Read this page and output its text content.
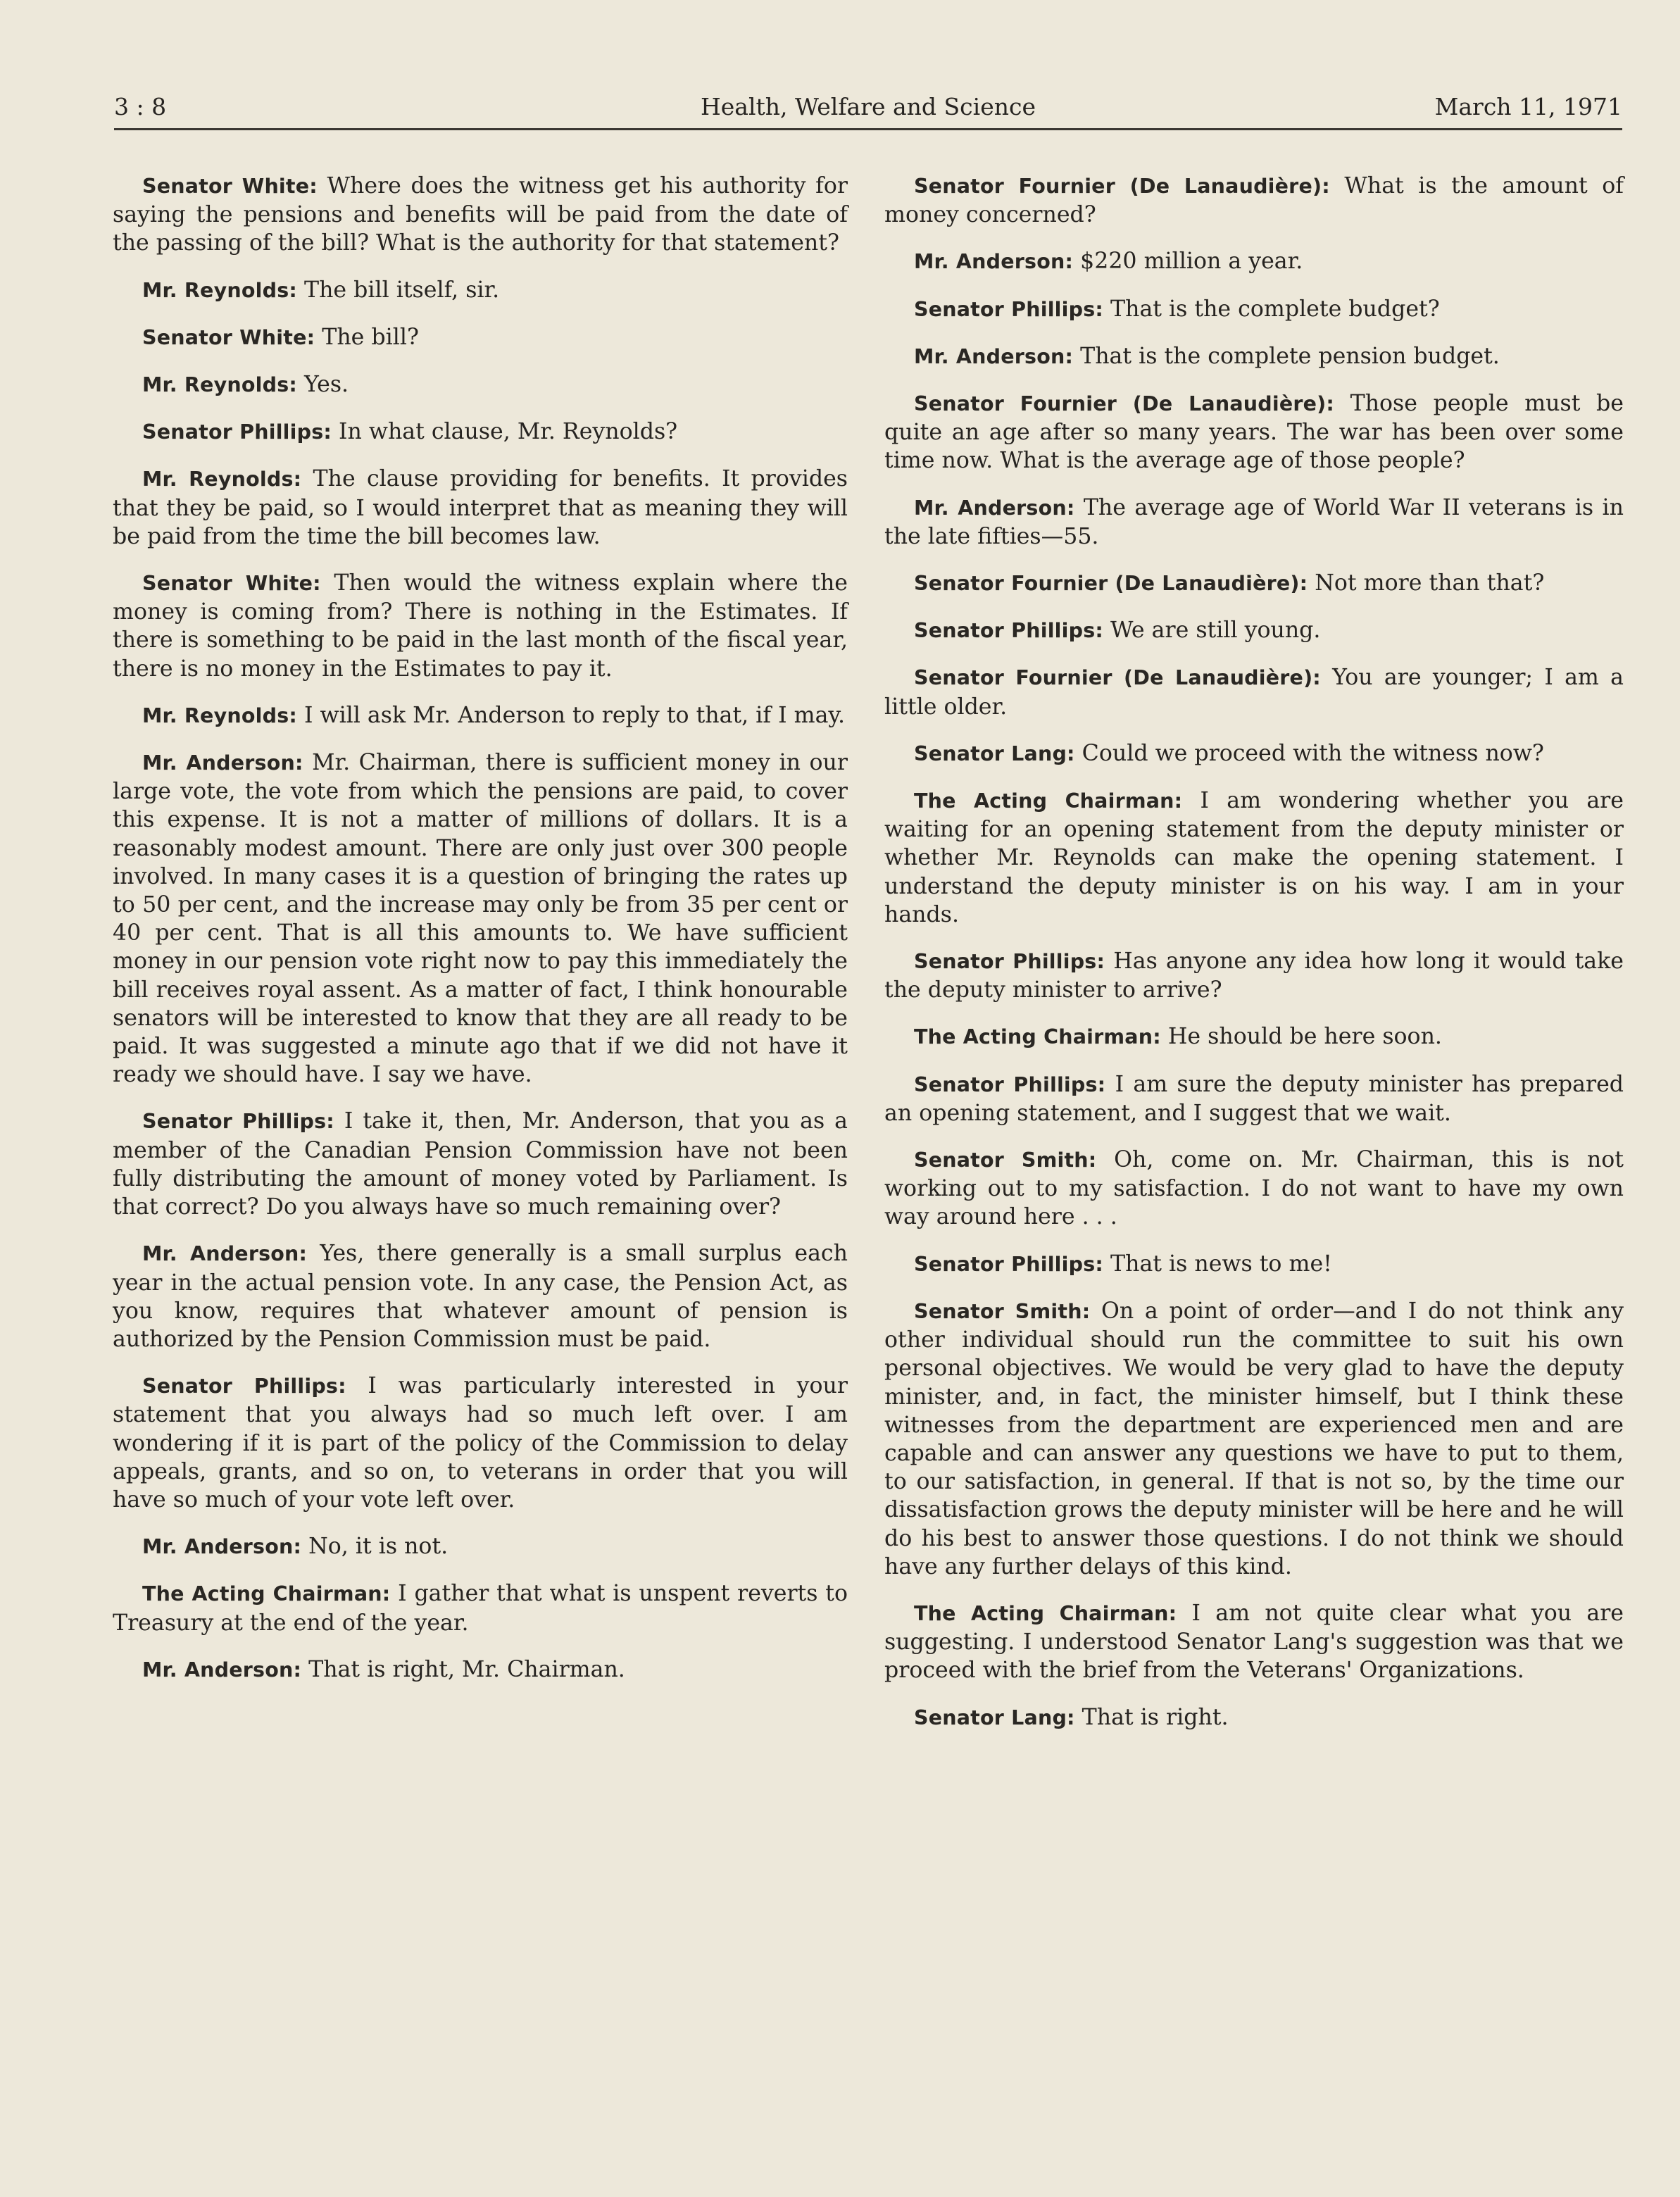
3 : 8	Health, Welfare and Science	March 11, 1971

Senator White: Where does the witness get his authority for saying the pensions and benefits will be paid from the date of the passing of the bill? What is the authority for that statement?

Mr. Reynolds: The bill itself, sir.

Senator White: The bill?

Mr. Reynolds: Yes.

Senator Phillips: In what clause, Mr. Reynolds?

Mr. Reynolds: The clause providing for benefits. It provides that they be paid, so I would interpret that as meaning they will be paid from the time the bill becomes law.

Senator White: Then would the witness explain where the money is coming from? There is nothing in the Estimates. If there is something to be paid in the last month of the fiscal year, there is no money in the Estimates to pay it.

Mr. Reynolds: I will ask Mr. Anderson to reply to that, if I may.

Mr. Anderson: Mr. Chairman, there is sufficient money in our large vote, the vote from which the pensions are paid, to cover this expense. It is not a matter of millions of dollars. It is a reasonably modest amount. There are only just over 300 people involved. In many cases it is a question of bringing the rates up to 50 per cent, and the increase may only be from 35 per cent or 40 per cent. That is all this amounts to. We have sufficient money in our pension vote right now to pay this immediately the bill receives royal assent. As a matter of fact, I think honourable senators will be interested to know that they are all ready to be paid. It was suggested a minute ago that if we did not have it ready we should have. I say we have.

Senator Phillips: I take it, then, Mr. Anderson, that you as a member of the Canadian Pension Commission have not been fully distributing the amount of money voted by Parliament. Is that correct? Do you always have so much remaining over?

Mr. Anderson: Yes, there generally is a small surplus each year in the actual pension vote. In any case, the Pension Act, as you know, requires that whatever amount of pension is authorized by the Pension Commission must be paid.

Senator Phillips: I was particularly interested in your statement that you always had so much left over. I am wondering if it is part of the policy of the Commission to delay appeals, grants, and so on, to veterans in order that you will have so much of your vote left over.

Mr. Anderson: No, it is not.

The Acting Chairman: I gather that what is unspent reverts to Treasury at the end of the year.

Mr. Anderson: That is right, Mr. Chairman.

Senator Fournier (De Lanaudière): What is the amount of money concerned?

Mr. Anderson: $220 million a year.

Senator Phillips: That is the complete budget?

Mr. Anderson: That is the complete pension budget.

Senator Fournier (De Lanaudière): Those people must be quite an age after so many years. The war has been over some time now. What is the average age of those people?

Mr. Anderson: The average age of World War II veterans is in the late fifties—55.

Senator Fournier (De Lanaudière): Not more than that?

Senator Phillips: We are still young.

Senator Fournier (De Lanaudière): You are younger; I am a little older.

Senator Lang: Could we proceed with the witness now?

The Acting Chairman: I am wondering whether you are waiting for an opening statement from the deputy minister or whether Mr. Reynolds can make the opening statement. I understand the deputy minister is on his way. I am in your hands.

Senator Phillips: Has anyone any idea how long it would take the deputy minister to arrive?

The Acting Chairman: He should be here soon.

Senator Phillips: I am sure the deputy minister has prepared an opening statement, and I suggest that we wait.

Senator Smith: Oh, come on. Mr. Chairman, this is not working out to my satisfaction. I do not want to have my own way around here . . .

Senator Phillips: That is news to me!

Senator Smith: On a point of order—and I do not think any other individual should run the committee to suit his own personal objectives. We would be very glad to have the deputy minister, and, in fact, the minister himself, but I think these witnesses from the department are experienced men and are capable and can answer any questions we have to put to them, to our satisfaction, in general. If that is not so, by the time our dissatisfaction grows the deputy minister will be here and he will do his best to answer those questions. I do not think we should have any further delays of this kind.

The Acting Chairman: I am not quite clear what you are suggesting. I understood Senator Lang's suggestion was that we proceed with the brief from the Veterans' Organizations.

Senator Lang: That is right.
